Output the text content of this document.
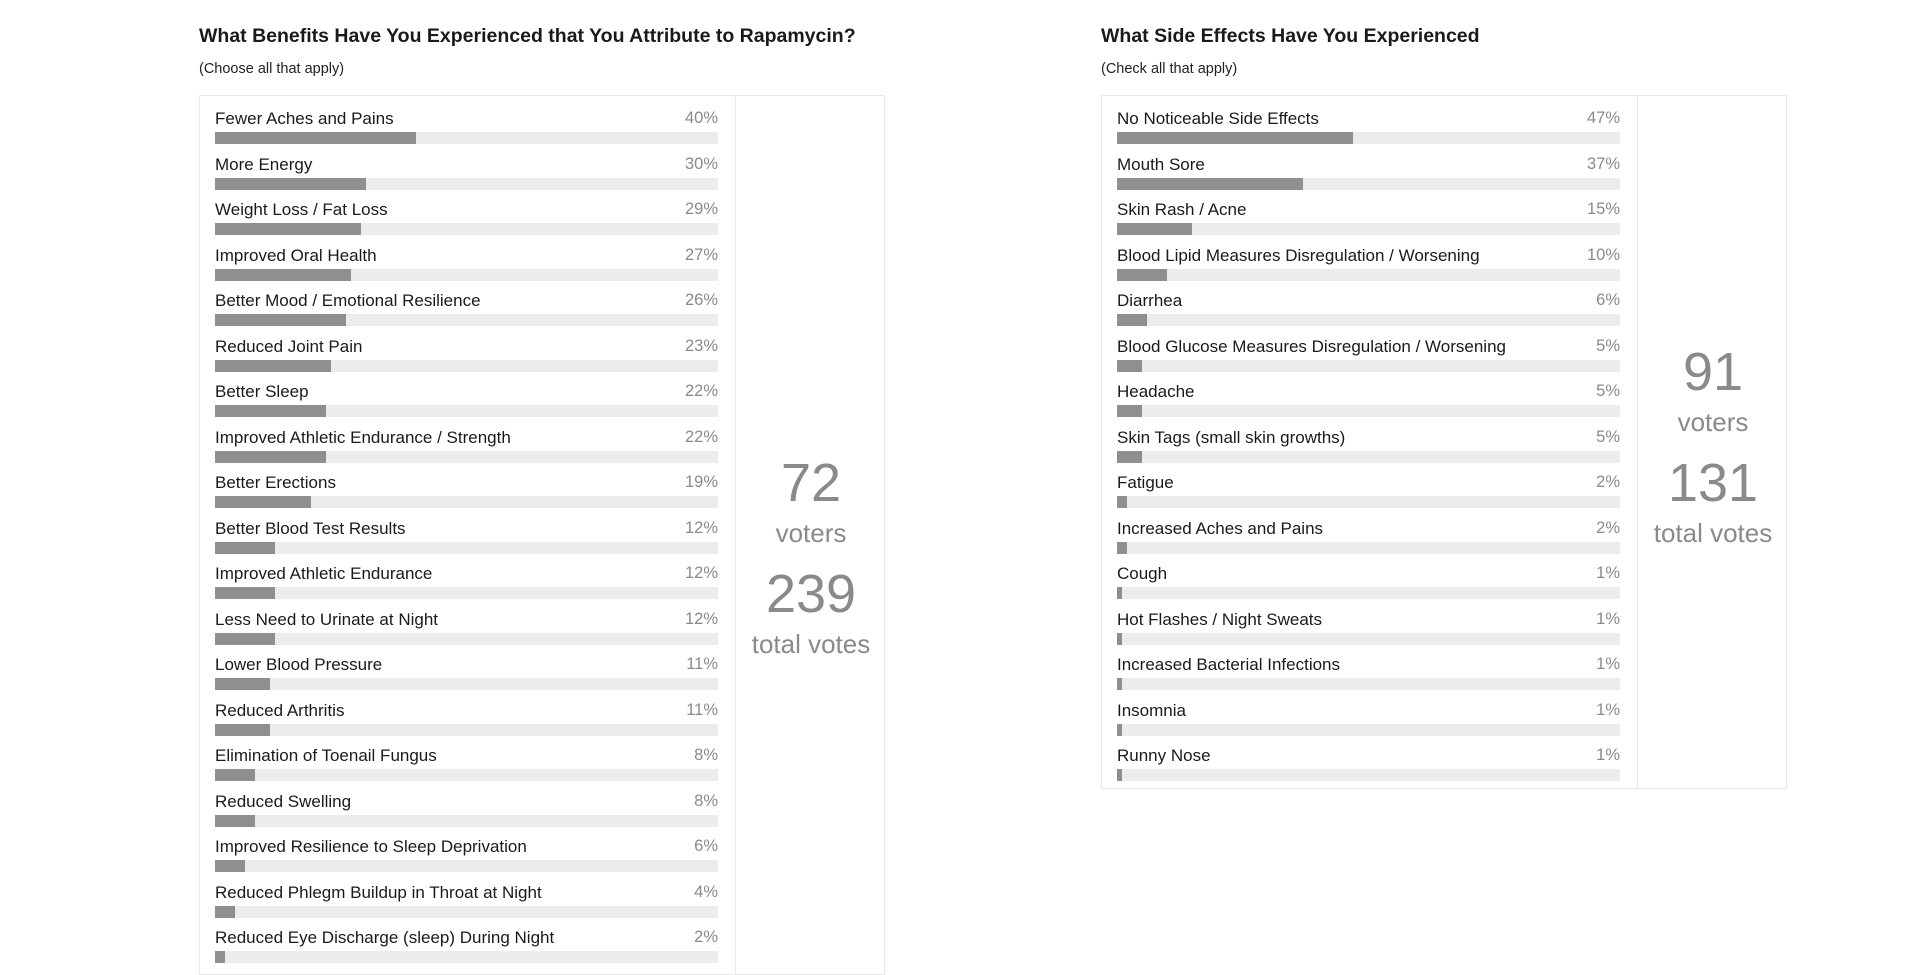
What Benefits Have You Experienced that You Attribute to Rapamycin?
(Choose all that apply)
Fewer Aches and Pains	40%
More Energy	30%
Weight Loss / Fat Loss	29%
Improved Oral Health	27%
Better Mood / Emotional Resilience	26%
Reduced Joint Pain	23%
Better Sleep	22%
Improved Athletic Endurance / Strength	22%
Better Erections	19%
Better Blood Test Results	12%
Improved Athletic Endurance	12%
Less Need to Urinate at Night	12%
Lower Blood Pressure	11%
Reduced Arthritis	11%
Elimination of Toenail Fungus	8%
Reduced Swelling	8%
Improved Resilience to Sleep Deprivation	6%
Reduced Phlegm Buildup in Throat at Night	4%
Reduced Eye Discharge (sleep) During Night	2%
72
voters
239
total votes
What Side Effects Have You Experienced
(Check all that apply)
No Noticeable Side Effects	47%
Mouth Sore	37%
Skin Rash / Acne	15%
Blood Lipid Measures Disregulation / Worsening	10%
Diarrhea	6%
Blood Glucose Measures Disregulation / Worsening	5%
Headache	5%
Skin Tags (small skin growths)	5%
Fatigue	2%
Increased Aches and Pains	2%
Cough	1%
Hot Flashes / Night Sweats	1%
Increased Bacterial Infections	1%
Insomnia	1%
Runny Nose	1%
91
voters
131
total votes
